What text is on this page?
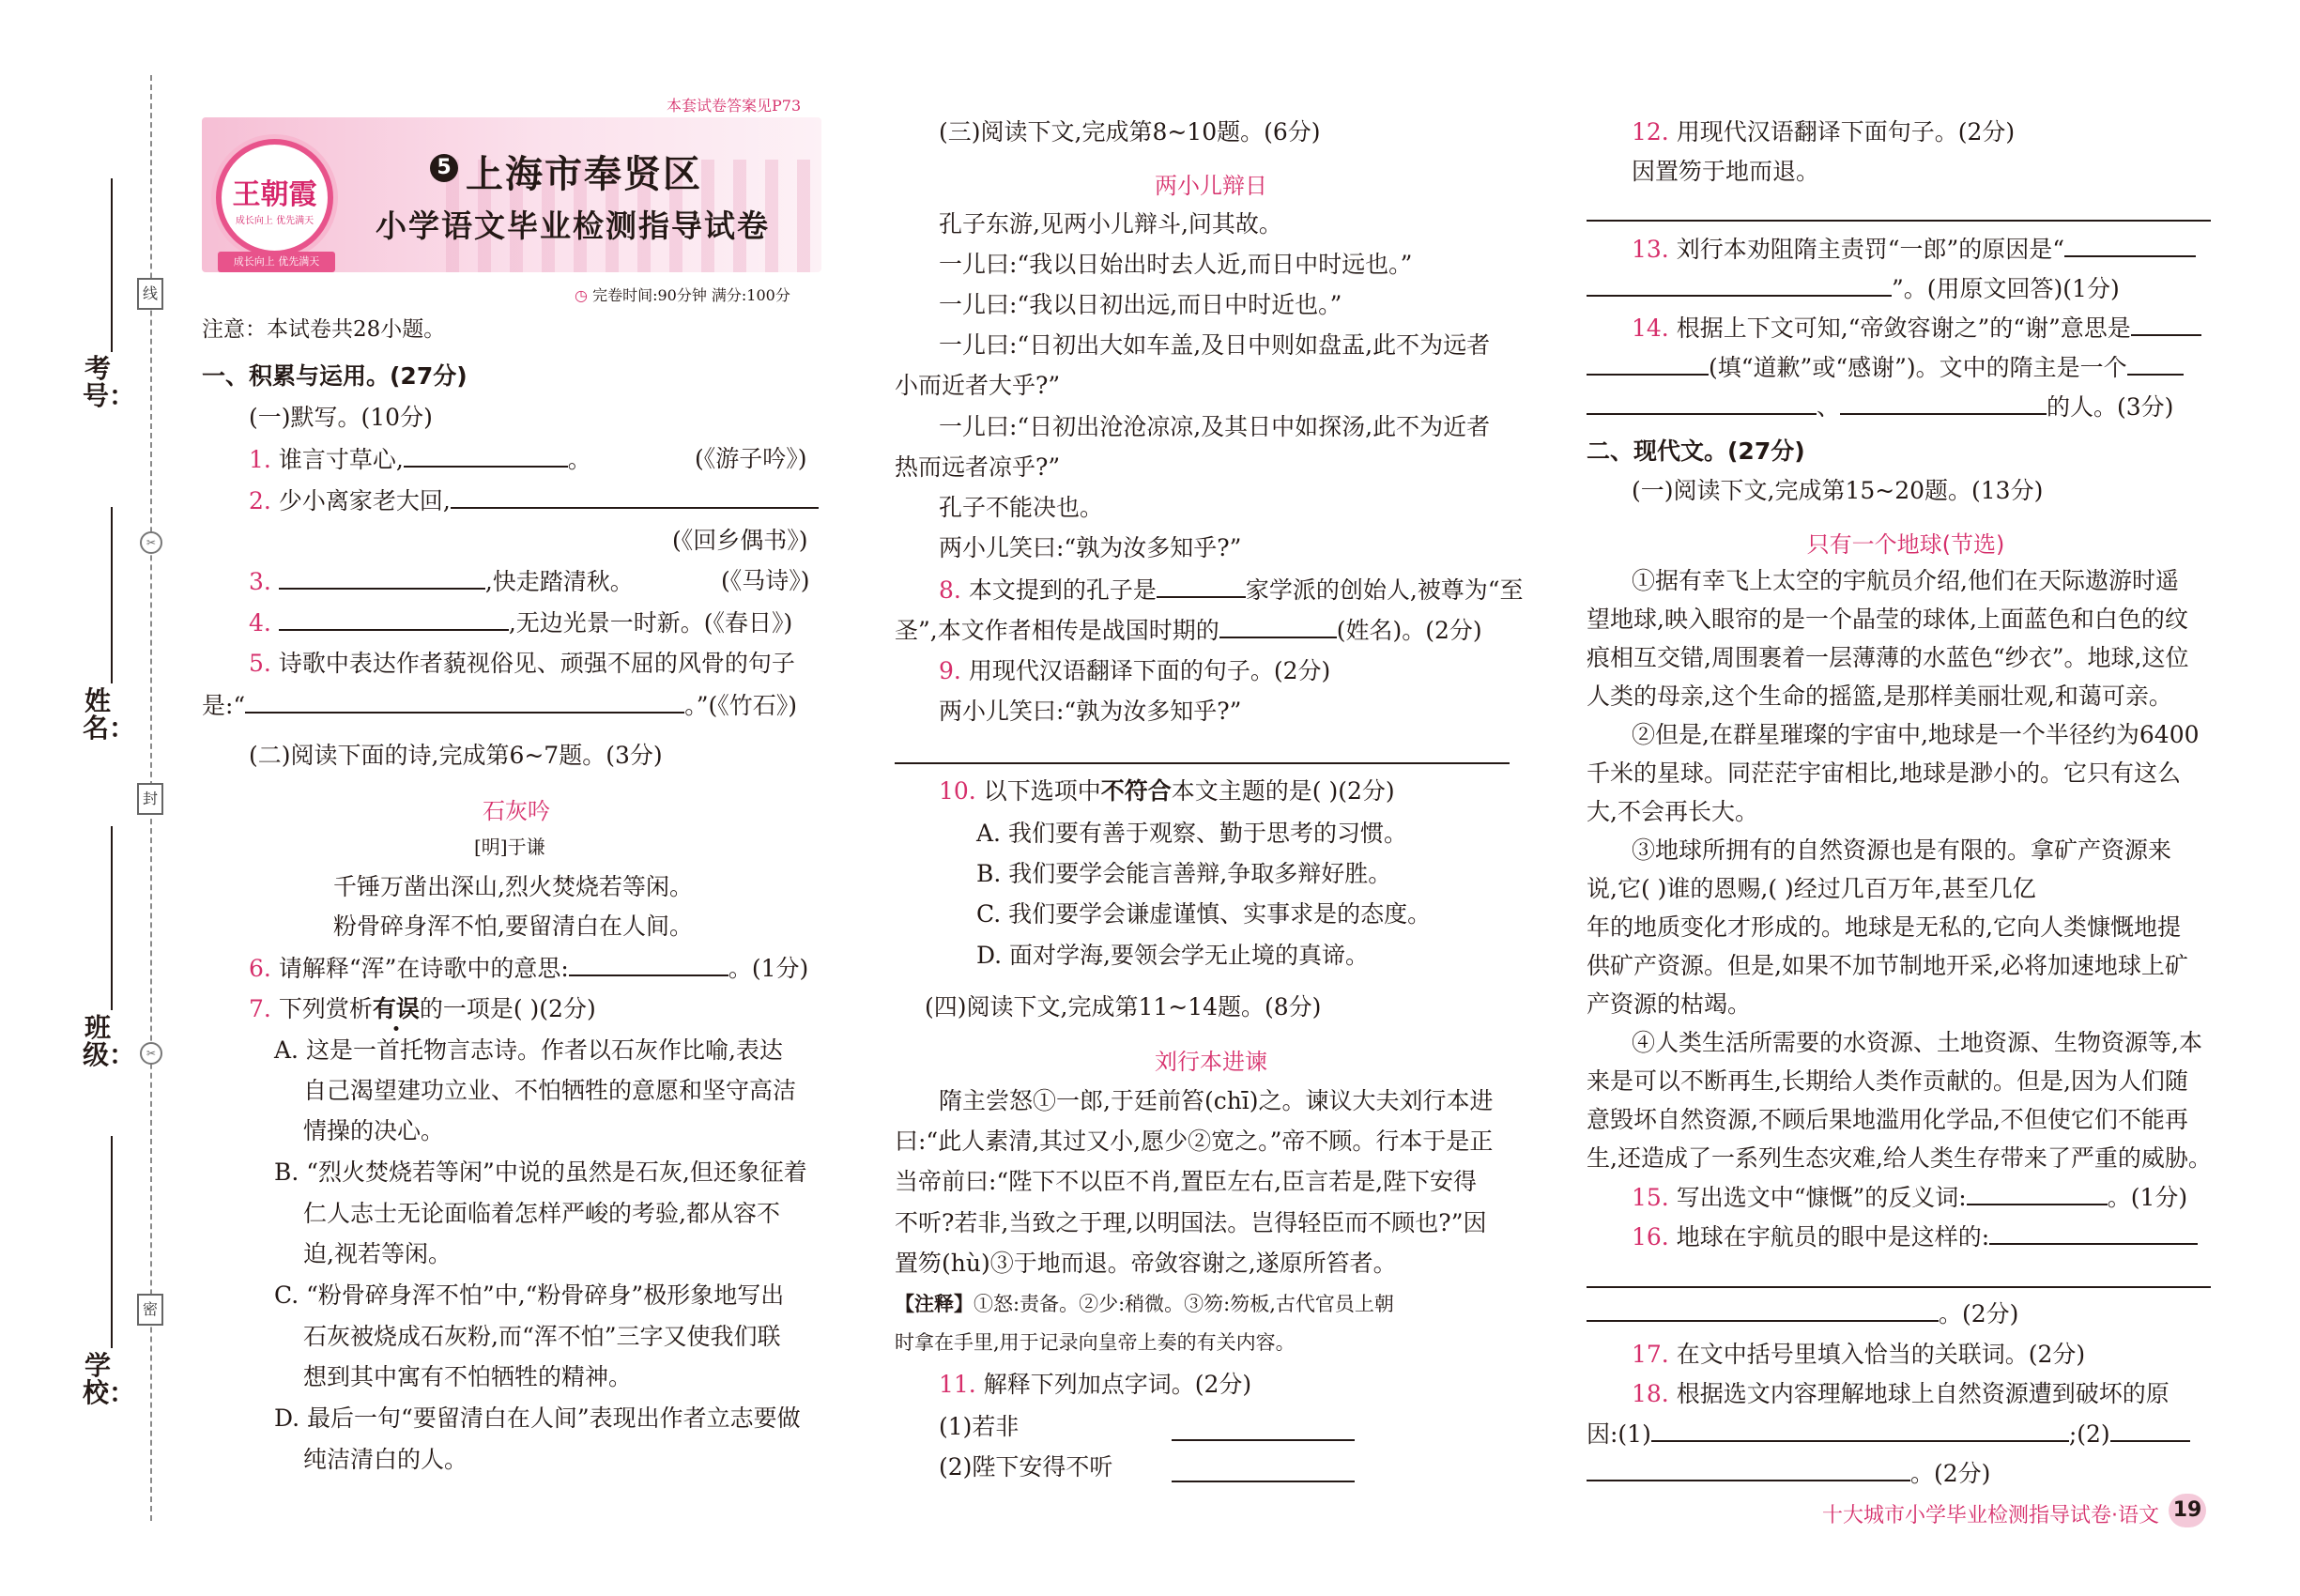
考号：
姓名：
班级：
学校：
线
✂
封
✂
密
本套试卷答案见P73
王朝霞
成长向上 优先满天
成长向上 优先满天
5 上海市奉贤区
小学语文毕业检测指导试卷
◷ 完卷时间:90分钟 满分:100分
注意：本试卷共28小题。
一、积累与运用。(27分)
(一)默写。(10分)
1. 谁言寸草心,	。	(《游子吟》)
2. 少小离家老大回,
(《回乡偶书》)
3.	,快走踏清秋。	(《马诗》)
4.	,无边光景一时新。(《春日》)
5. 诗歌中表达作者藐视俗见、顽强不屈的风骨的句子
是:“	。”(《竹石》)
(二)阅读下面的诗,完成第6~7题。(3分)
石灰吟
[明]于谦
千锤万凿出深山,烈火焚烧若等闲。
粉骨碎身浑不怕,要留清白在人间。
6. 请解释“浑”在诗歌中的意思:	。(1分)
7. 下列赏析有误的一项是( )(2分)
A. 这是一首托物言志诗。作者以石灰作比喻,表达
自己渴望建功立业、不怕牺牲的意愿和坚守高洁
情操的决心。
B. “烈火焚烧若等闲”中说的虽然是石灰,但还象征着
仁人志士无论面临着怎样严峻的考验,都从容不
迫,视若等闲。
C. “粉骨碎身浑不怕”中,“粉骨碎身”极形象地写出
石灰被烧成石灰粉,而“浑不怕”三字又使我们联
想到其中寓有不怕牺牲的精神。
D. 最后一句“要留清白在人间”表现出作者立志要做
纯洁清白的人。
(三)阅读下文,完成第8~10题。(6分)
两小儿辩日
孔子东游,见两小儿辩斗,问其故。
一儿曰:“我以日始出时去人近,而日中时远也。”
一儿曰:“我以日初出远,而日中时近也。”
一儿曰:“日初出大如车盖,及日中则如盘盂,此不为远者
小而近者大乎?”
一儿曰:“日初出沧沧凉凉,及其日中如探汤,此不为近者
热而远者凉乎?”
孔子不能决也。
两小儿笑曰:“孰为汝多知乎?”
8. 本文提到的孔子是	家学派的创始人,被尊为“至
圣”,本文作者相传是战国时期的	(姓名)。(2分)
9. 用现代汉语翻译下面的句子。(2分)
两小儿笑曰:“孰为汝多知乎?”
10. 以下选项中不符合本文主题的是( )(2分)
A. 我们要有善于观察、勤于思考的习惯。
B. 我们要学会能言善辩,争取多辩好胜。
C. 我们要学会谦虚谨慎、实事求是的态度。
D. 面对学海,要领会学无止境的真谛。
(四)阅读下文,完成第11~14题。(8分)
刘行本进谏
隋主尝怒①一郎,于廷前笞(chī)之。谏议大夫刘行本进
曰:“此人素清,其过又小,愿少②宽之。”帝不顾。行本于是正
当帝前曰:“陛下不以臣不肖,置臣左右,臣言若是,陛下安得
不听?若非,当致之于理,以明国法。岂得轻臣而不顾也?”因
置笏(hù)③于地而退。帝敛容谢之,遂原所笞者。
【注释】①怒:责备。②少:稍微。③笏:笏板,古代官员上朝
时拿在手里,用于记录向皇帝上奏的有关内容。
11. 解释下列加点字词。(2分)
(1)若非
(2)陛下安得不听
12. 用现代汉语翻译下面句子。(2分)
因置笏于地而退。
13. 刘行本劝阻隋主责罚“一郎”的原因是“
”。(用原文回答)(1分)
14. 根据上下文可知,“帝敛容谢之”的“谢”意思是
(填“道歉”或“感谢”)。文中的隋主是一个
、	的人。(3分)
二、现代文。(27分)
(一)阅读下文,完成第15~20题。(13分)
只有一个地球(节选)
①据有幸飞上太空的宇航员介绍,他们在天际遨游时遥
望地球,映入眼帘的是一个晶莹的球体,上面蓝色和白色的纹
痕相互交错,周围裹着一层薄薄的水蓝色“纱衣”。地球,这位
人类的母亲,这个生命的摇篮,是那样美丽壮观,和蔼可亲。
②但是,在群星璀璨的宇宙中,地球是一个半径约为6400
千米的星球。同茫茫宇宙相比,地球是渺小的。它只有这么
大,不会再长大。
③地球所拥有的自然资源也是有限的。拿矿产资源来
说,它( )谁的恩赐,( )经过几百万年,甚至几亿
年的地质变化才形成的。地球是无私的,它向人类慷慨地提
供矿产资源。但是,如果不加节制地开采,必将加速地球上矿
产资源的枯竭。
④人类生活所需要的水资源、土地资源、生物资源等,本
来是可以不断再生,长期给人类作贡献的。但是,因为人们随
意毁坏自然资源,不顾后果地滥用化学品,不但使它们不能再
生,还造成了一系列生态灾难,给人类生存带来了严重的威胁。
15. 写出选文中“慷慨”的反义词:	。(1分)
16. 地球在宇航员的眼中是这样的:
。(2分)
17. 在文中括号里填入恰当的关联词。(2分)
18. 根据选文内容理解地球上自然资源遭到破坏的原
因:(1)	;(2)
。(2分)
十大城市小学毕业检测指导试卷·语文 19
